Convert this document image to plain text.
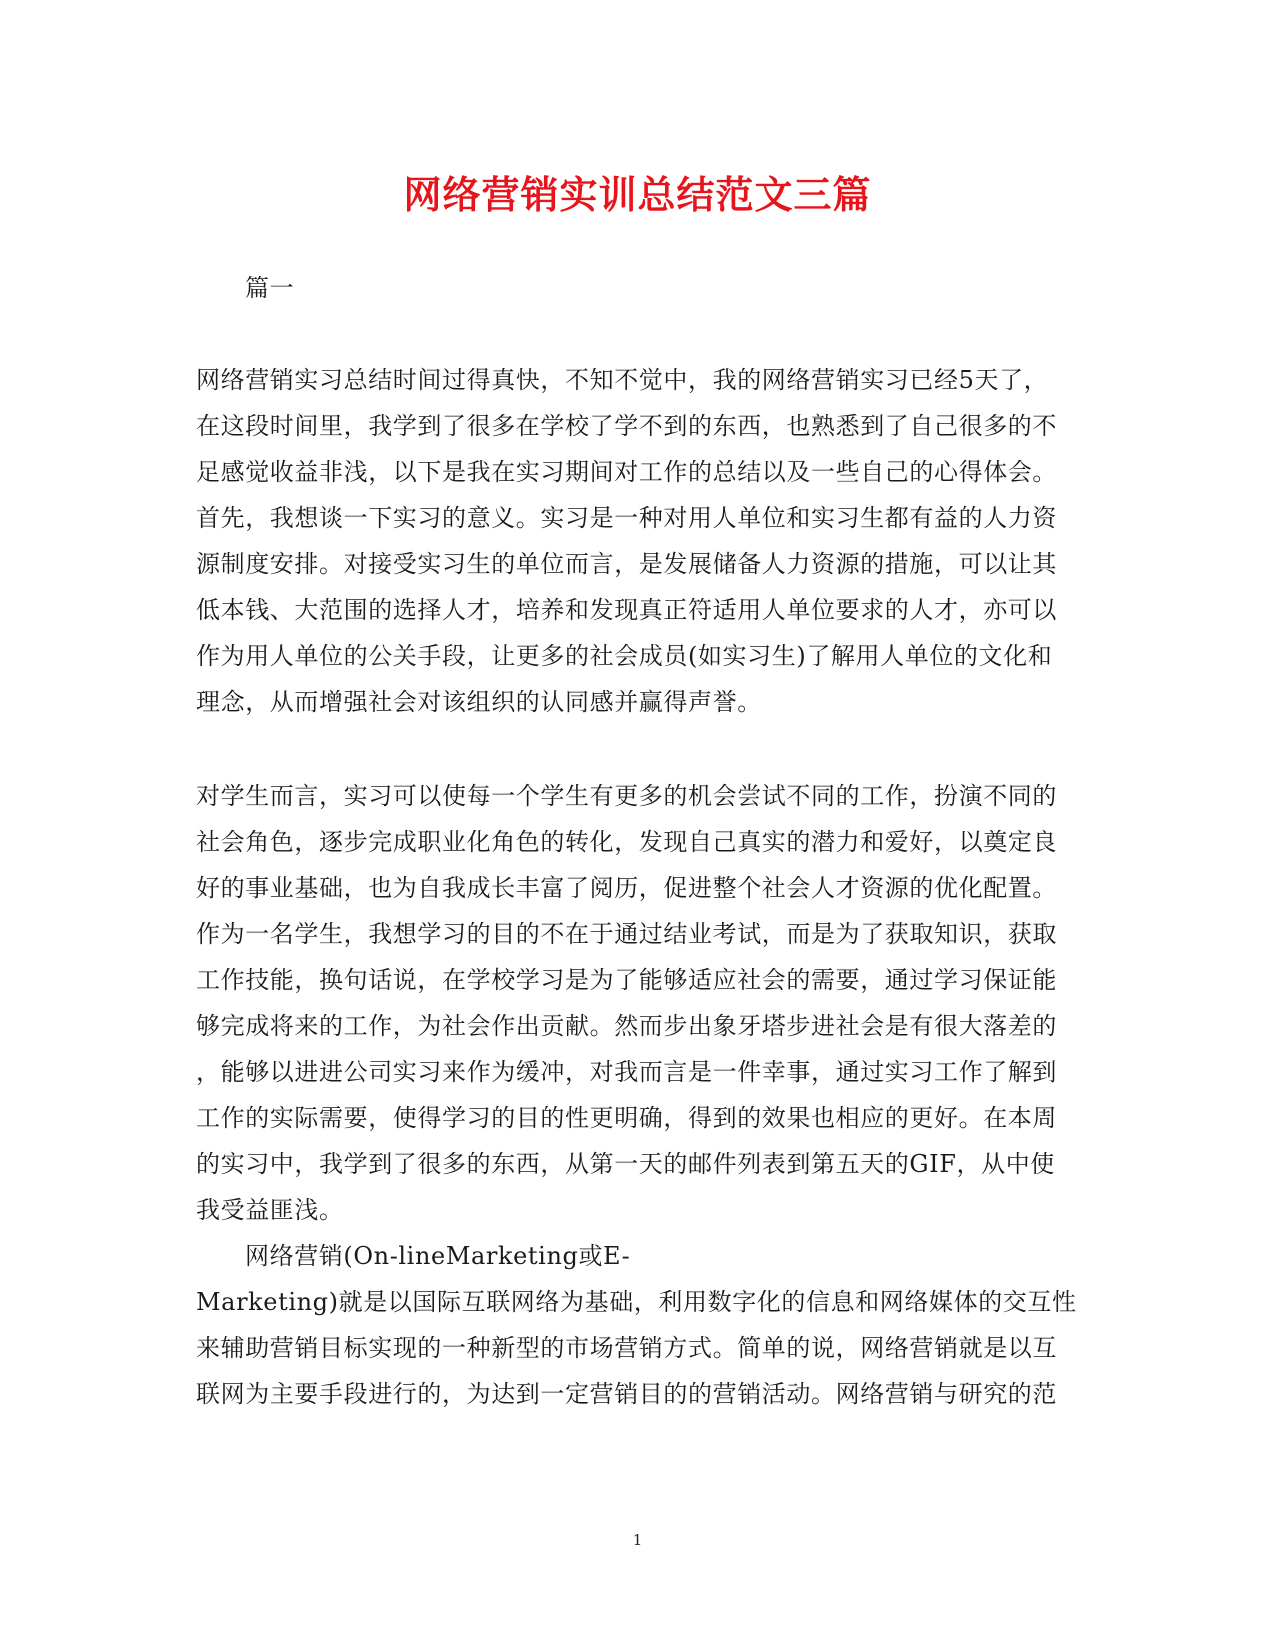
网络营销实训总结范文三篇
篇一
网络营销实习总结时间过得真快，不知不觉中，我的网络营销实习已经5天了，
在这段时间里，我学到了很多在学校了学不到的东西，也熟悉到了自己很多的不
足感觉收益非浅，以下是我在实习期间对工作的总结以及一些自己的心得体会。
首先，我想谈一下实习的意义。实习是一种对用人单位和实习生都有益的人力资
源制度安排。对接受实习生的单位而言，是发展储备人力资源的措施，可以让其
低本钱、大范围的选择人才，培养和发现真正符适用人单位要求的人才，亦可以
作为用人单位的公关手段，让更多的社会成员(如实习生)了解用人单位的文化和
理念，从而增强社会对该组织的认同感并赢得声誉。
对学生而言，实习可以使每一个学生有更多的机会尝试不同的工作，扮演不同的
社会角色，逐步完成职业化角色的转化，发现自己真实的潜力和爱好，以奠定良
好的事业基础，也为自我成长丰富了阅历，促进整个社会人才资源的优化配置。
作为一名学生，我想学习的目的不在于通过结业考试，而是为了获取知识，获取
工作技能，换句话说，在学校学习是为了能够适应社会的需要，通过学习保证能
够完成将来的工作，为社会作出贡献。然而步出象牙塔步进社会是有很大落差的
，能够以进进公司实习来作为缓冲，对我而言是一件幸事，通过实习工作了解到
工作的实际需要，使得学习的目的性更明确，得到的效果也相应的更好。在本周
的实习中，我学到了很多的东西，从第一天的邮件列表到第五天的GIF，从中使
我受益匪浅。
网络营销(On-lineMarketing或E-
Marketing)就是以国际互联网络为基础，利用数字化的信息和网络媒体的交互性
来辅助营销目标实现的一种新型的市场营销方式。简单的说，网络营销就是以互
联网为主要手段进行的，为达到一定营销目的的营销活动。网络营销与研究的范
1
